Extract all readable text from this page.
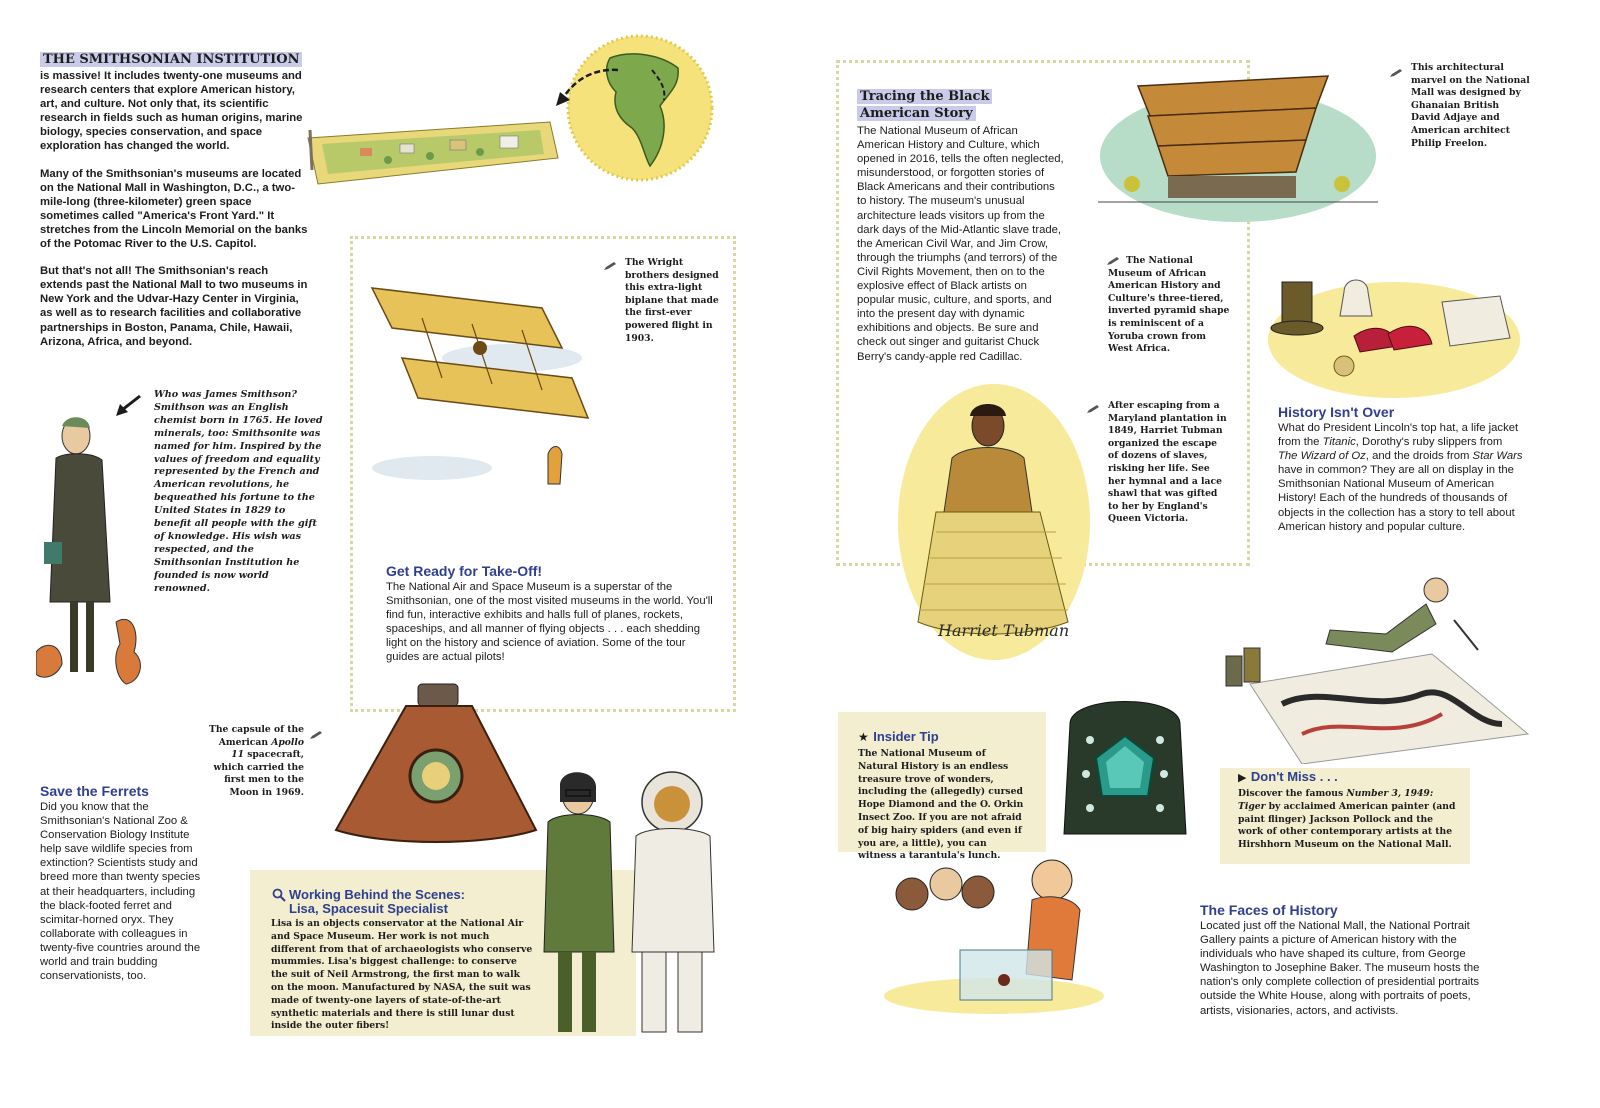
THE SMITHSONIAN INSTITUTION

is massive! It includes twenty-one museums and research centers that explore American history, art, and culture. Not only that, its scientific research in fields such as human origins, marine biology, species conservation, and space exploration has changed the world.

Many of the Smithsonian's museums are located on the National Mall in Washington, D.C., a two-mile-long (three-kilometer) green space sometimes called "America's Front Yard." It stretches from the Lincoln Memorial on the banks of the Potomac River to the U.S. Capitol.

But that's not all! The Smithsonian's reach extends past the National Mall to two museums in New York and the Udvar-Hazy Center in Virginia, as well as to research facilities and collaborative partnerships in Boston, Panama, Chile, Hawaii, Arizona, Africa, and beyond.

Who was James Smithson? Smithson was an English chemist born in 1765. He loved minerals, too: Smithsonite was named for him. Inspired by the values of freedom and equality represented by the French and American revolutions, he bequeathed his fortune to the United States in 1829 to benefit all people with the gift of knowledge. His wish was respected, and the Smithsonian Institution he founded is now world renowned.

The Wright brothers designed this extra-light biplane that made the first-ever powered flight in 1903.

Get Ready for Take-Off!

The National Air and Space Museum is a superstar of the Smithsonian, one of the most visited museums in the world. You'll find fun, interactive exhibits and halls full of planes, rockets, spaceships, and all manner of flying objects . . . each shedding light on the history and science of aviation. Some of the tour guides are actual pilots!

The capsule of the American Apollo 11 spacecraft, which carried the first men to the Moon in 1969.

Save the Ferrets

Did you know that the Smithsonian's National Zoo & Conservation Biology Institute help save wildlife species from extinction? Scientists study and breed more than twenty species at their headquarters, including the black-footed ferret and scimitar-horned oryx. They collaborate with colleagues in twenty-five countries around the world and train budding conservationists, too.

Working Behind the Scenes:
Lisa, Spacesuit Specialist

Lisa is an objects conservator at the National Air and Space Museum. Her work is not much different from that of archaeologists who conserve mummies. Lisa's biggest challenge: to conserve the suit of Neil Armstrong, the first man to walk on the moon. Manufactured by NASA, the suit was made of twenty-one layers of state-of-the-art synthetic materials and there is still lunar dust inside the outer fibers!

Tracing the Black
American Story

The National Museum of African American History and Culture, which opened in 2016, tells the often neglected, misunderstood, or forgotten stories of Black Americans and their contributions to history. The museum's unusual architecture leads visitors up from the dark days of the Mid-Atlantic slave trade, the American Civil War, and Jim Crow, through the triumphs (and terrors) of the Civil Rights Movement, then on to the explosive effect of Black artists on popular music, culture, and sports, and into the present day with dynamic exhibitions and objects. Be sure and check out singer and guitarist Chuck Berry's candy-apple red Cadillac.

This architectural marvel on the National Mall was designed by Ghanaian British David Adjaye and American architect Philip Freelon.

The National Museum of African American History and Culture's three-tiered, inverted pyramid shape is reminiscent of a Yoruba crown from West Africa.

Harriet Tubman

After escaping from a Maryland plantation in 1849, Harriet Tubman organized the escape of dozens of slaves, risking her life. See her hymnal and a lace shawl that was gifted to her by England's Queen Victoria.

History Isn't Over

What do President Lincoln's top hat, a life jacket from the Titanic, Dorothy's ruby slippers from The Wizard of Oz, and the droids from Star Wars have in common? They are all on display in the Smithsonian National Museum of American History! Each of the hundreds of thousands of objects in the collection has a story to tell about American history and popular culture.

★ Insider Tip

The National Museum of Natural History is an endless treasure trove of wonders, including the (allegedly) cursed Hope Diamond and the O. Orkin Insect Zoo. If you are not afraid of big hairy spiders (and even if you are, a little), you can witness a tarantula's lunch.

▶ Don't Miss . . .

Discover the famous Number 3, 1949: Tiger by acclaimed American painter (and paint flinger) Jackson Pollock and the work of other contemporary artists at the Hirshhorn Museum on the National Mall.

The Faces of History

Located just off the National Mall, the National Portrait Gallery paints a picture of American history with the individuals who have shaped its culture, from George Washington to Josephine Baker. The museum hosts the nation's only complete collection of presidential portraits outside the White House, along with portraits of poets, artists, visionaries, actors, and activists.
